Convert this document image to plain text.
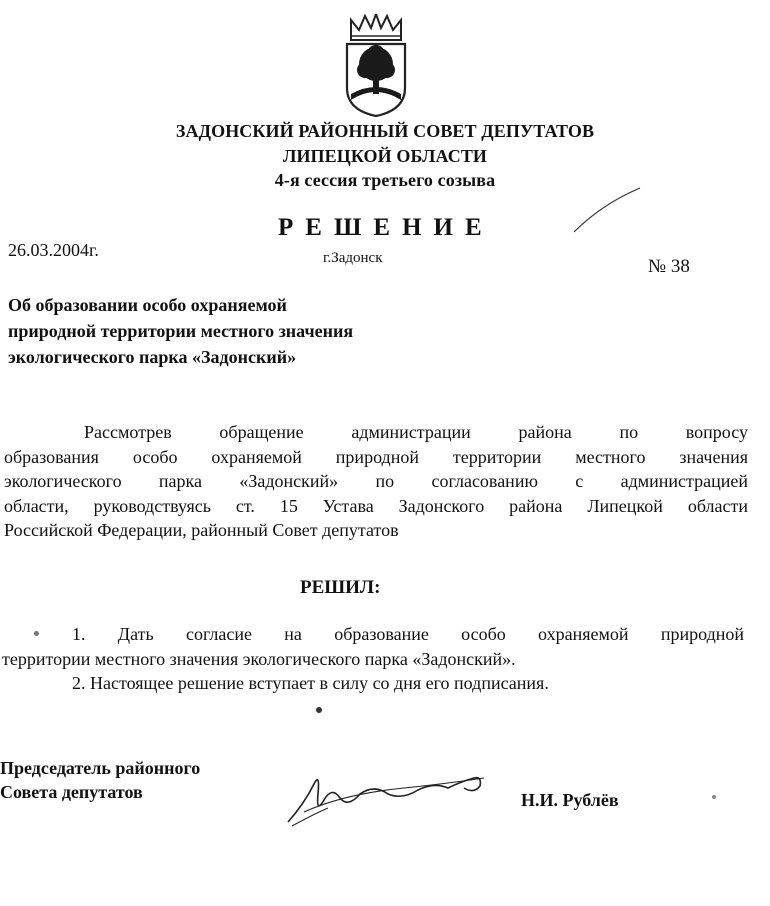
ЗАДОНСКИЙ РАЙОННЫЙ СОВЕТ ДЕПУТАТОВ
ЛИПЕЦКОЙ ОБЛАСТИ
4-я сессия третьего созыва
РЕШЕНИЕ
26.03.2004г.	г.Задонск	№ 38
Об образовании особо охраняемой
природной территории местного значения
экологического парка «Задонский»
Рассмотрев обращение администрации района по вопросу
образования особо охраняемой природной территории местного значения
экологического парка «Задонский» по согласованию с администрацией
области, руководствуясь ст. 15 Устава Задонского района Липецкой области
Российской Федерации, районный Совет депутатов
РЕШИЛ:
1. Дать согласие на образование особо охраняемой природной
территории местного значения экологического парка «Задонский».
2. Настоящее решение вступает в силу со дня его подписания.
Председатель районного
Совета депутатов	Н.И. Рублёв
